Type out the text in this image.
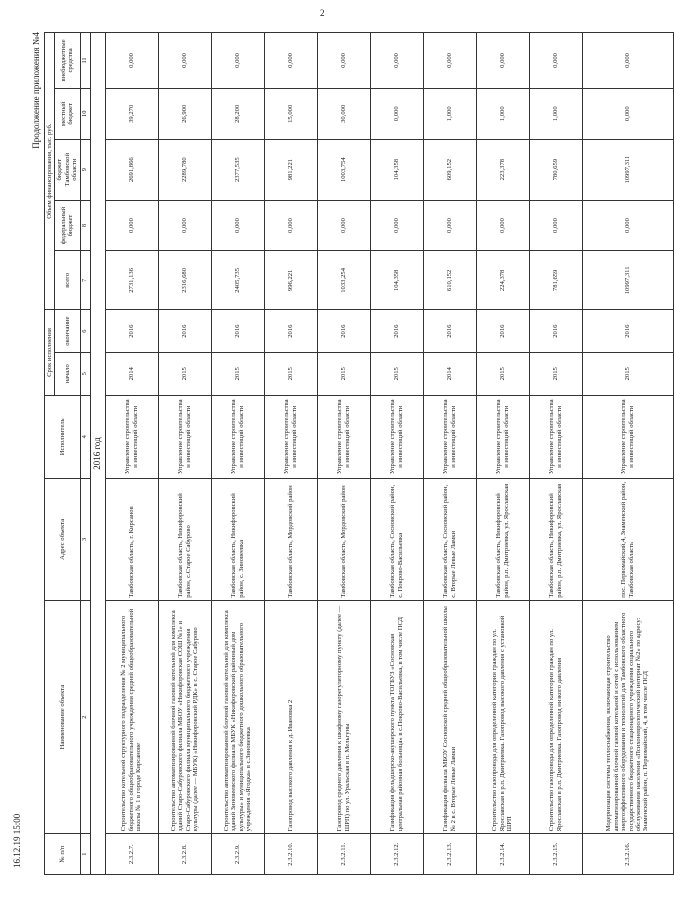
2
16.12.19 15:00
Продолжение приложения №4
№ п/п	Наименование объекта	Адрес объекта	Исполнитель	Срок исполнения		Объем финансирования, тыс. руб.				
				начало	окончание	всего	федеральный бюджет	бюджет Тамбовской области	местный бюджет	внебюджетные средства
1	2	3	4	5	6	7	8	9	10	11
2016 год										
2.3.2.7.	Строительство котельной структурного подразделения № 2 муниципального бюджетного общеобразовательного учреждения средней общеобразовательной школы № 1 в городе Кирсанове	Тамбовская область, г. Кирсанов	Управление строительства и инвестиций области	2014	2016	2731,136	0,000	2691,866	39,270	0,000
2.3.2.8.	Строительство автоматизированной блочной газовой котельной для комплекса зданий Старо-Сабуровского филиала МБОУ «Никифоровская СОШ №1» и Старо-Сабуровского филиала муниципального бюджетного учреждения культуры (далее — МБУК) «Никифоровский РДК» в с. Старое Сабурово	Тамбовская область, Никифоровский район, с.Старое Сабурово	Управление строительства и инвестиций области	2015	2016	2316,680	0,000	2289,780	26,900	0,000
2.3.2.9.	Строительство автоматизированной блочной газовой котельной для комплекса зданий Зиновеевского филиала МБУК «Никифоровский районный дом культуры» и муниципального бюджетного дошкольного образовательного учреждения «Ягодка» в с.Зиновеевка	Тамбовская область, Никифоровский район, с. Зиновеевка	Управление строительства и инвестиций области	2015	2016	2405,735	0,000	2377,535	28,200	0,000
2.3.2.10.	Газопровод высокого давления к д. Ивановка 2	Тамбовская область, Мордовский район	Управление строительства и инвестиций области	2015	2016	996,221	0,000	981,221	15,000	0,000
2.3.2.11.	Газопровод среднего давления к шкафному газорегуляторному пункту (далее — ШРП) по ул. Уральская в п. Мельгуны	Тамбовская область, Мордовский район	Управление строительства и инвестиций области	2015	2016	1033,254	0,000	1003,754	30,000	0,000
2.3.2.12.	Газификация фельдшерско-акушерского пункта ТОГБУЗ «Сосновская центральная районная больница» в с.Покрово-Васильевка, в том числе ПСД	Тамбовская область, Сосновский район, с. Покрово-Васильевка	Управление строительства и инвестиций области	2015	2016	104,358	0,000	104,358	0,000	0,000
2.3.2.13.	Газификация филиала МБОУ Сосновской средней общеобразовательной школы № 2 в с. Вторые Левые Ламки	Тамбовская область, Сосновский район, с. Вторые Левые Ламки	Управление строительства и инвестиций области	2014	2016	610,152	0,000	609,152	1,000	0,000
2.3.2.14.	Строительство газопровода для определенной категории граждан по ул. Ярославская в р.п. Дмитриевка. Газопровод высокого давления с установкой ШРП	Тамбовская область, Никифоровский район, р.п. Дмитриевка, ул. Ярославская	Управление строительства и инвестиций области	2015	2016	224,378	0,000	223,378	1,000	0,000
2.3.2.15.	Строительство газопровода для определенной категории граждан по ул. Ярославская в р.п. Дмитриевка. Газопровод низкого давления	Тамбовская область, Никифоровский район, р.п. Дмитриевка, ул. Ярославская	Управление строительства и инвестиций области	2015	2016	781,659	0,000	780,659	1,000	0,000
2.3.2.16.	Модернизация системы теплоснабжения, включающая строительство автоматизированной блочной газовой котельной и сетей с использованием энергоэффективного оборудования и технологий для Тамбовского областного государственного бюджетного стационарного учреждения социального обслуживания населения «Психоневрологический интернат №2» по адресу: Знаменский район, п. Первомайский, 4, в том числе ПСД	пос. Первомайский,4, Знаменский район, Тамбовская область	Управление строительства и инвестиций области	2015	2016	10997,311	0,000	10997,311	0,000	0,000
